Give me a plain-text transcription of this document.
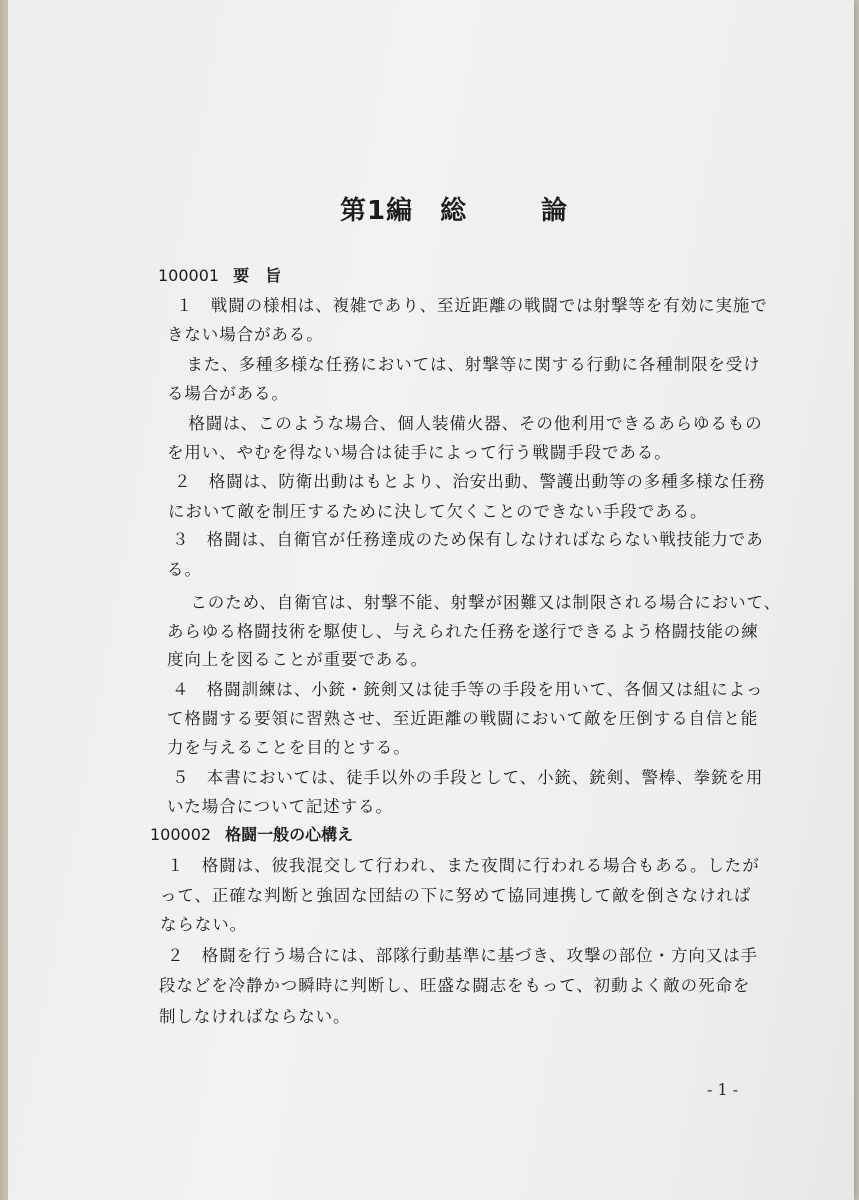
第1編　総	論
100001 要　旨
１　戦闘の様相は、複雑であり、至近距離の戦闘では射撃等を有効に実施で
きない場合がある。
　また、多種多様な任務においては、射撃等に関する行動に各種制限を受け
る場合がある。
　格闘は、このような場合、個人装備火器、その他利用できるあらゆるもの
を用い、やむを得ない場合は徒手によって行う戦闘手段である。
２　格闘は、防衛出動はもとより、治安出動、警護出動等の多種多様な任務
において敵を制圧するために決して欠くことのできない手段である。
３　格闘は、自衛官が任務達成のため保有しなければならない戦技能力であ
る。
　このため、自衛官は、射撃不能、射撃が困難又は制限される場合において、
あらゆる格闘技術を駆使し、与えられた任務を遂行できるよう格闘技能の練
度向上を図ることが重要である。
４　格闘訓練は、小銃・銃剣又は徒手等の手段を用いて、各個又は組によっ
て格闘する要領に習熟させ、至近距離の戦闘において敵を圧倒する自信と能
力を与えることを目的とする。
５　本書においては、徒手以外の手段として、小銃、銃剣、警棒、拳銃を用
いた場合について記述する。
100002 格闘一般の心構え
１　格闘は、彼我混交して行われ、また夜間に行われる場合もある。したが
って、正確な判断と強固な団結の下に努めて協同連携して敵を倒さなければ
ならない。
２　格闘を行う場合には、部隊行動基準に基づき、攻撃の部位・方向又は手
段などを冷静かつ瞬時に判断し、旺盛な闘志をもって、初動よく敵の死命を
制しなければならない。
- 1 -
